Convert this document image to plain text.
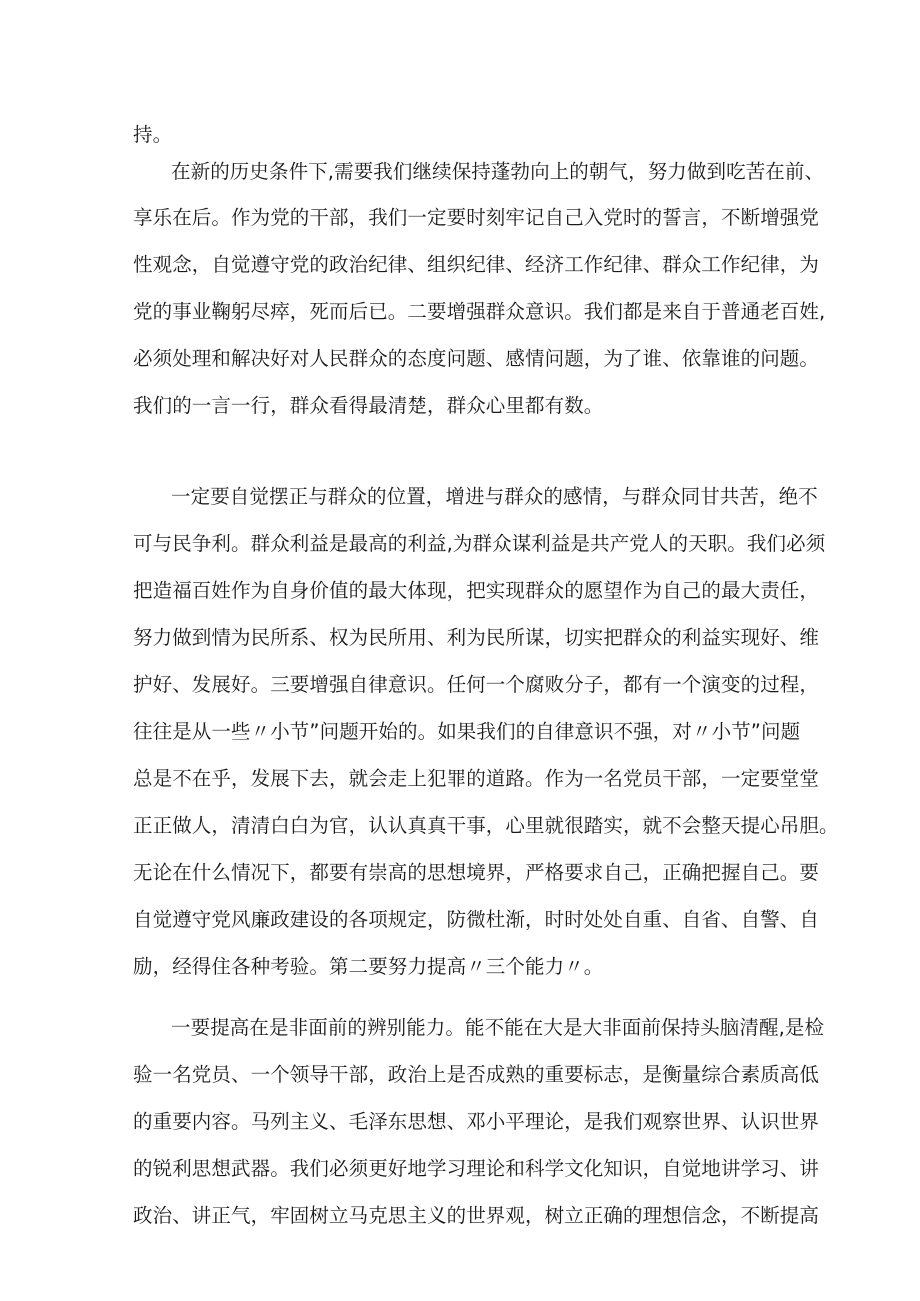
持。
在新的历史条件下,需要我们继续保持蓬勃向上的朝气，努力做到吃苦在前、
享乐在后。作为党的干部，我们一定要时刻牢记自己入党时的誓言，不断增强党
性观念，自觉遵守党的政治纪律、组织纪律、经济工作纪律、群众工作纪律，为
党的事业鞠躬尽瘁，死而后已。二要增强群众意识。我们都是来自于普通老百姓,
必须处理和解决好对人民群众的态度问题、感情问题，为了谁、依靠谁的问题。
我们的一言一行，群众看得最清楚，群众心里都有数。
一定要自觉摆正与群众的位置，增进与群众的感情，与群众同甘共苦，绝不
可与民争利。群众利益是最高的利益,为群众谋利益是共产党人的天职。我们必须
把造福百姓作为自身价值的最大体现，把实现群众的愿望作为自己的最大责任，
努力做到情为民所系、权为民所用、利为民所谋，切实把群众的利益实现好、维
护好、发展好。三要增强自律意识。任何一个腐败分子，都有一个演变的过程，
往往是从一些〃小节”问题开始的。如果我们的自律意识不强，对〃小节”问题
总是不在乎，发展下去，就会走上犯罪的道路。作为一名党员干部，一定要堂堂
正正做人，清清白白为官，认认真真干事，心里就很踏实，就不会整天提心吊胆。
无论在什么情况下，都要有崇高的思想境界，严格要求自己，正确把握自己。要
自觉遵守党风廉政建设的各项规定，防微杜渐，时时处处自重、自省、自警、自
励，经得住各种考验。第二要努力提高〃三个能力〃。
一要提高在是非面前的辨别能力。能不能在大是大非面前保持头脑清醒,是检
验一名党员、一个领导干部，政治上是否成熟的重要标志，是衡量综合素质高低
的重要内容。马列主义、毛泽东思想、邓小平理论，是我们观察世界、认识世界
的锐利思想武器。我们必须更好地学习理论和科学文化知识，自觉地讲学习、讲
政治、讲正气，牢固树立马克思主义的世界观，树立正确的理想信念，不断提高
